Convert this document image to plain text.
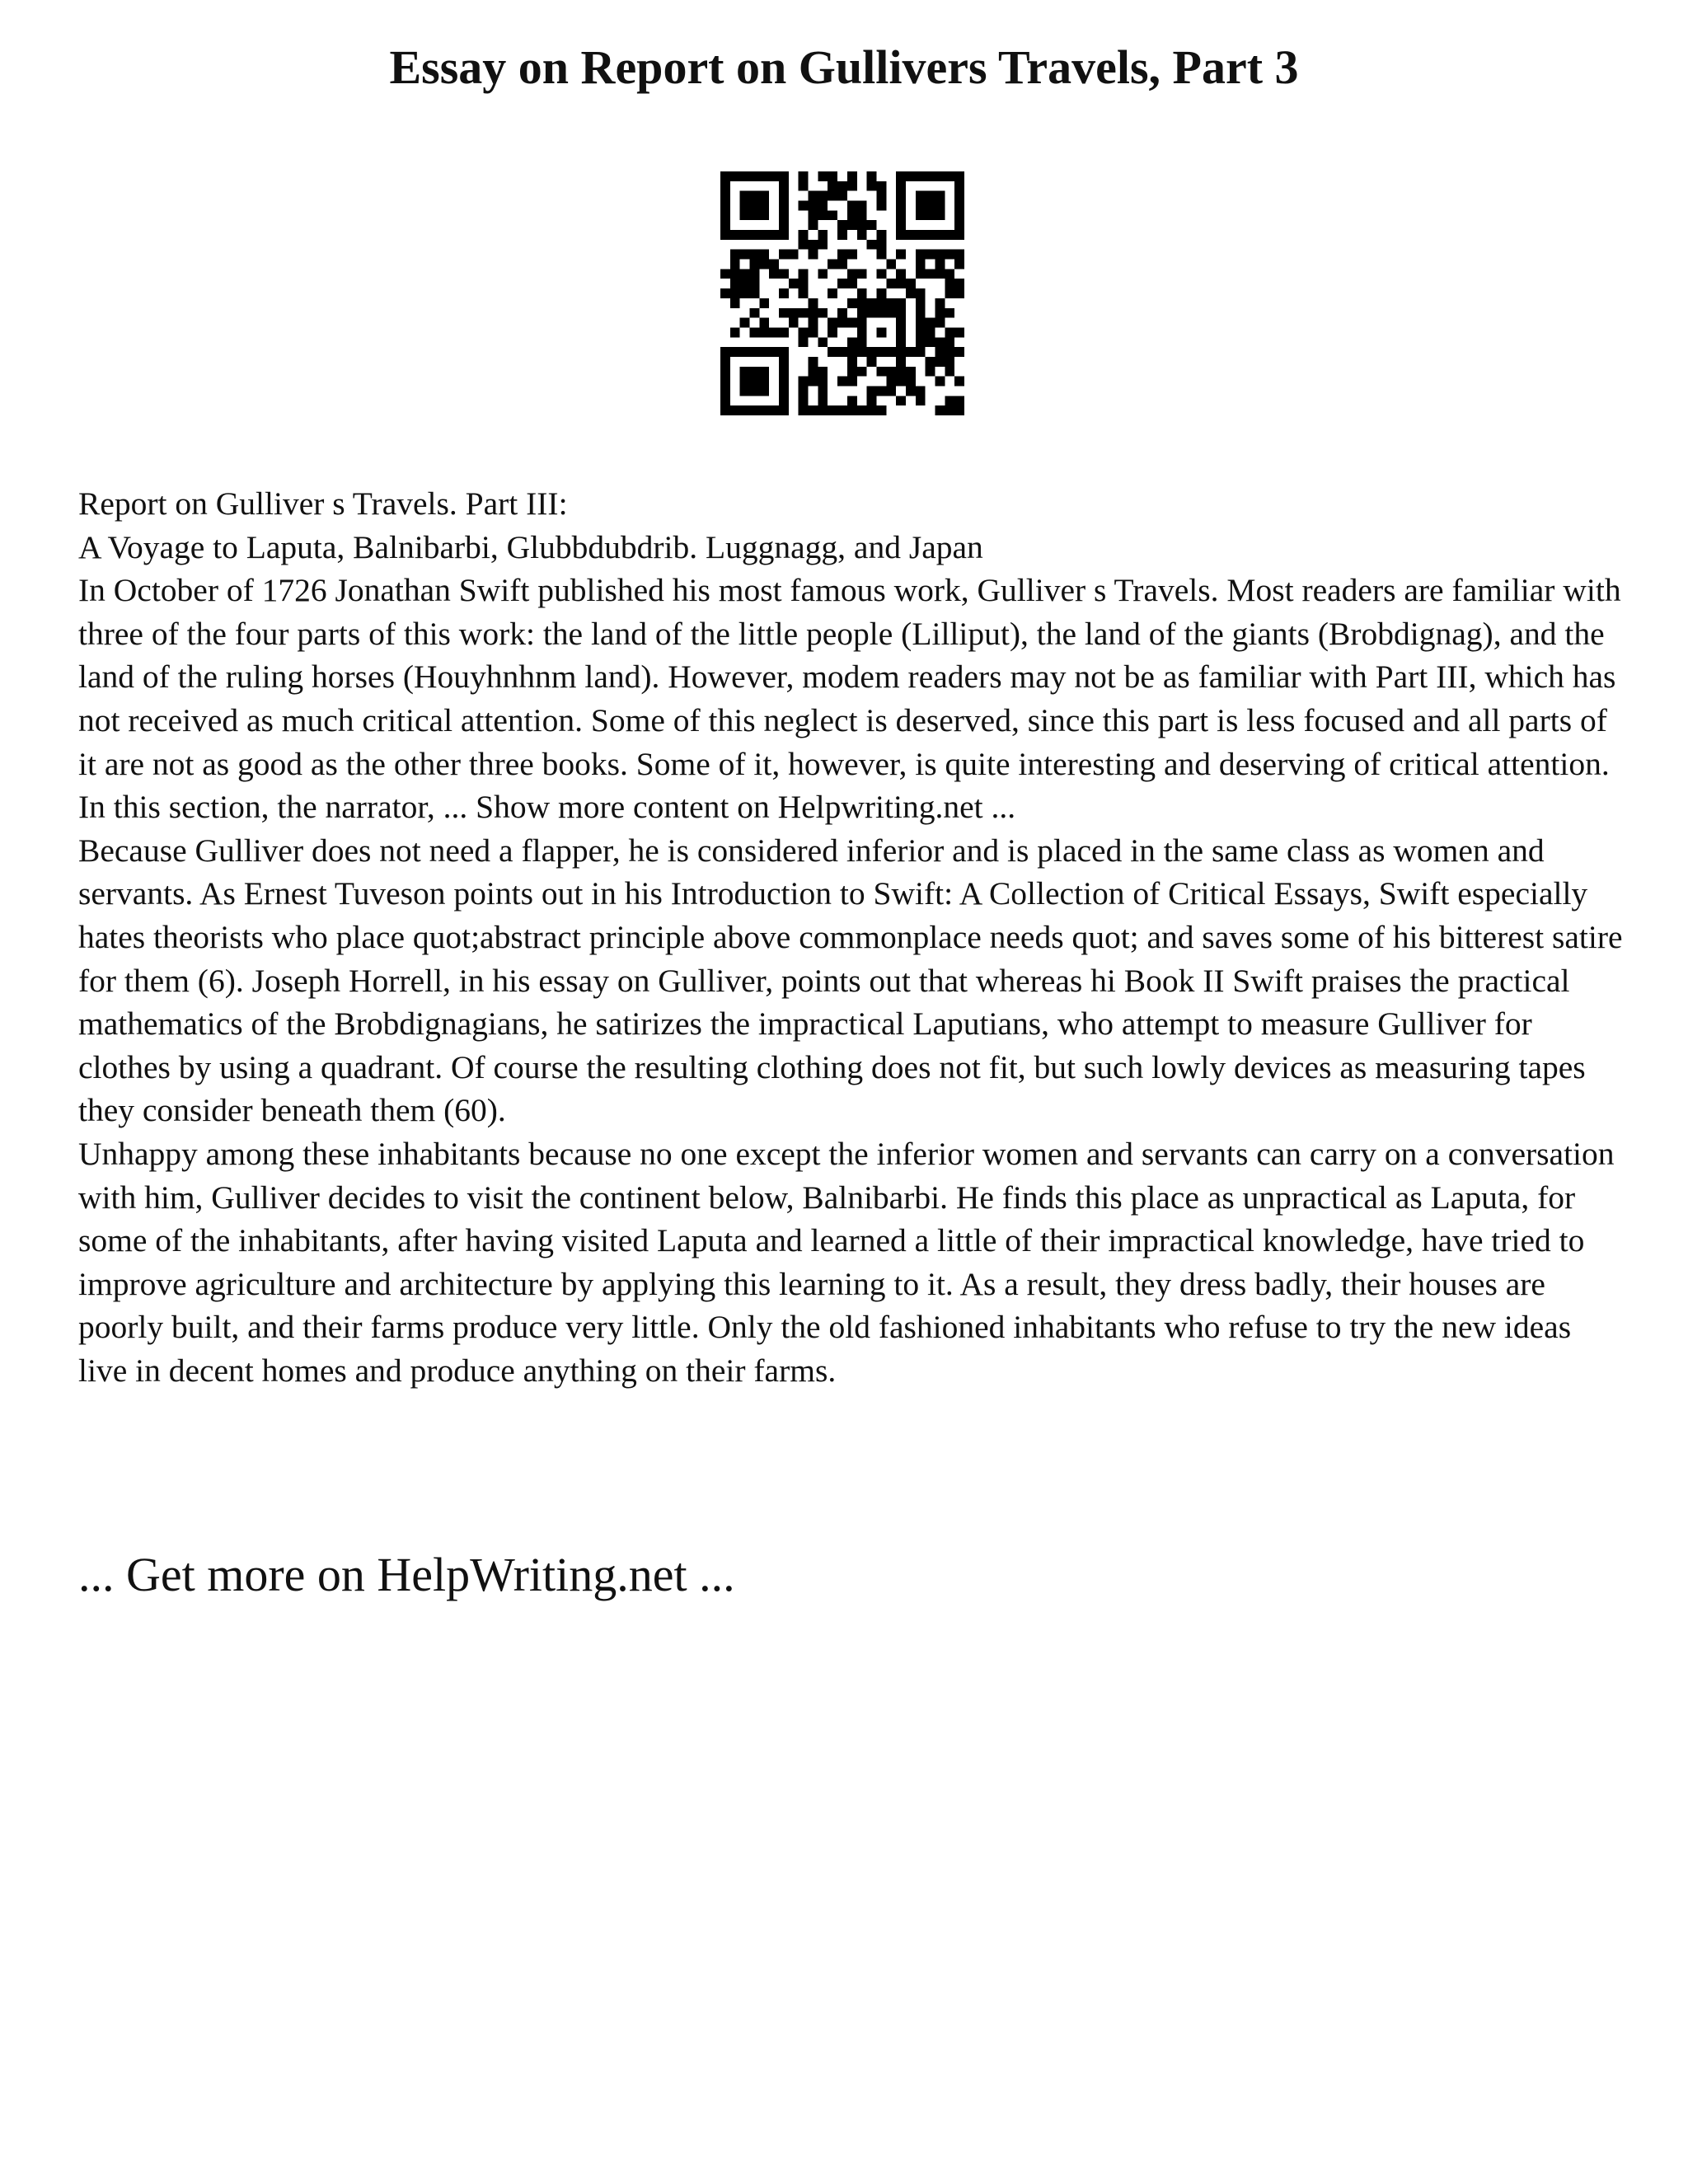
Essay on Report on Gullivers Travels, Part 3

Report on Gulliver s Travels. Part III:

A Voyage to Laputa, Balnibarbi, Glubbdubdrib. Luggnagg, and Japan

In October of 1726 Jonathan Swift published his most famous work, Gulliver s Travels. Most readers are familiar with three of the four parts of this work: the land of the little people (Lilliput), the land of the giants (Brobdignag), and the land of the ruling horses (Houyhnhnm land). However, modem readers may not be as familiar with Part III, which has not received as much critical attention. Some of this neglect is deserved, since this part is less focused and all parts of it are not as good as the other three books. Some of it, however, is quite interesting and deserving of critical attention. In this section, the narrator, ... Show more content on Helpwriting.net ...

Because Gulliver does not need a flapper, he is considered inferior and is placed in the same class as women and servants. As Ernest Tuveson points out in his Introduction to Swift: A Collection of Critical Essays, Swift especially hates theorists who place quot;abstract principle above commonplace needs quot; and saves some of his bitterest satire for them (6). Joseph Horrell, in his essay on Gulliver, points out that whereas hi Book II Swift praises the practical mathematics of the Brobdignagians, he satirizes the impractical Laputians, who attempt to measure Gulliver for clothes by using a quadrant. Of course the resulting clothing does not fit, but such lowly devices as measuring tapes they consider beneath them (60).

Unhappy among these inhabitants because no one except the inferior women and servants can carry on a conversation with him, Gulliver decides to visit the continent below, Balnibarbi. He finds this place as unpractical as Laputa, for some of the inhabitants, after having visited Laputa and learned a little of their impractical knowledge, have tried to improve agriculture and architecture by applying this learning to it. As a result, they dress badly, their houses are poorly built, and their farms produce very little. Only the old fashioned inhabitants who refuse to try the new ideas live in decent homes and produce anything on their farms.

... Get more on HelpWriting.net ...
